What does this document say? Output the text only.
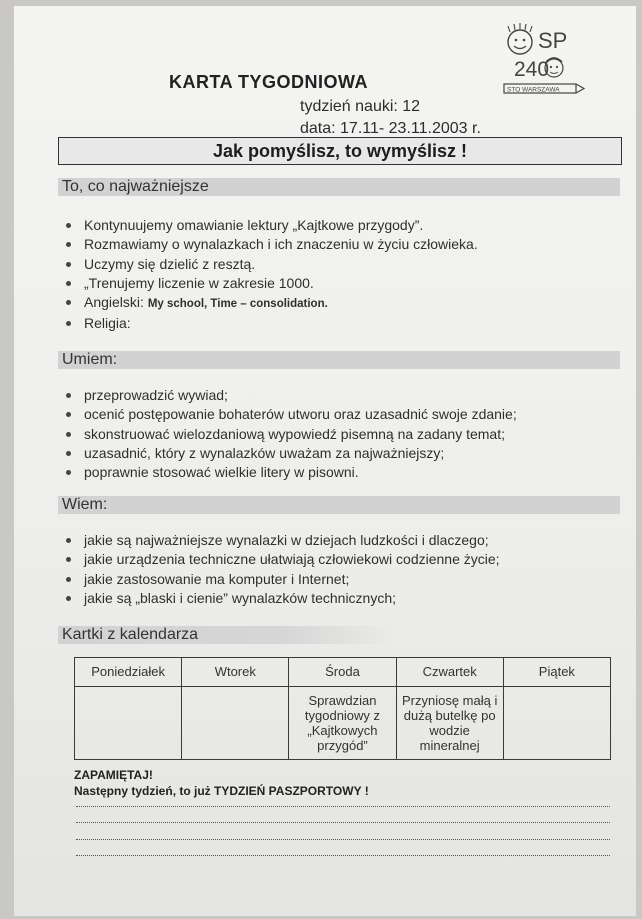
SP
240
STO WARSZAWA
KARTA TYGODNIOWA
tydzień nauki: 12
data: 17.11- 23.11.2003 r.
Jak pomyślisz, to wymyślisz !
To, co najważniejsze
Kontynuujemy omawianie lektury „Kajtkowe przygody”.
Rozmawiamy o wynalazkach i ich znaczeniu w życiu człowieka.
Uczymy się dzielić z resztą.
„Trenujemy liczenie w zakresie 1000.
Angielski: My school, Time – consolidation.
Religia:
Umiem:
przeprowadzić wywiad;
ocenić postępowanie bohaterów utworu oraz uzasadnić swoje zdanie;
skonstruować wielozdaniową wypowiedź pisemną na zadany temat;
uzasadnić, który z wynalazków uważam za najważniejszy;
poprawnie stosować wielkie litery w pisowni.
Wiem:
jakie są najważniejsze wynalazki w dziejach ludzkości i dlaczego;
jakie urządzenia techniczne ułatwiają człowiekowi codzienne życie;
jakie zastosowanie ma komputer i Internet;
jakie są „blaski i cienie” wynalazków technicznych;
Kartki z kalendarza
Poniedziałek	Wtorek	Środa	Czwartek	Piątek
		Sprawdzian tygodniowy z „Kajtkowych przygód”	Przyniosę małą i dużą butelkę po wodzie mineralnej	
ZAPAMIĘTAJ!
Następny tydzień, to już TYDZIEŃ PASZPORTOWY !
